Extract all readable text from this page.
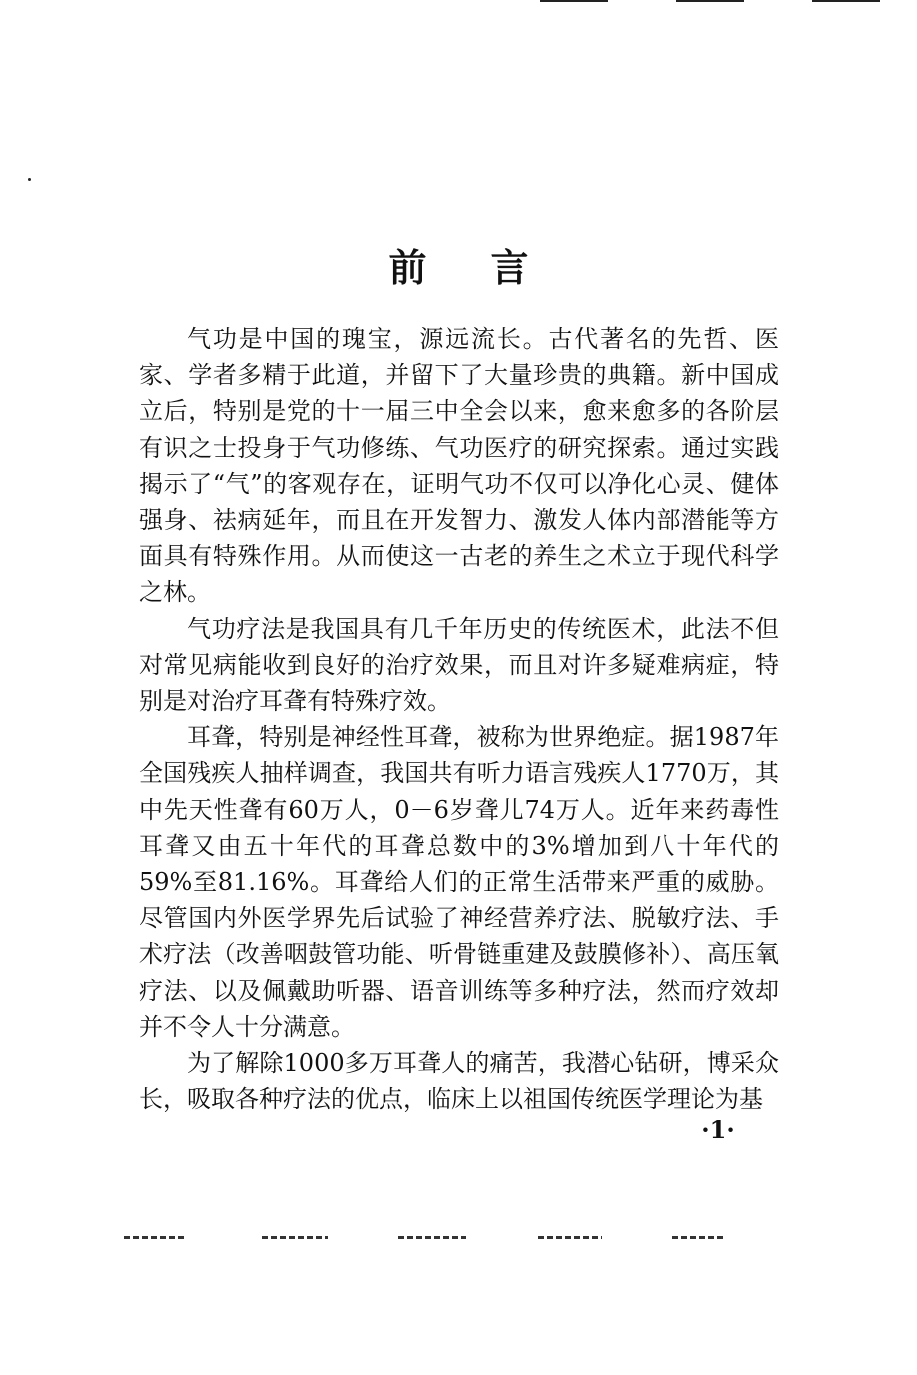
前言

气功是中国的瑰宝，源远流长。古代著名的先哲、医家、学者多精于此道，并留下了大量珍贵的典籍。新中国成立后，特别是党的十一届三中全会以来，愈来愈多的各阶层有识之士投身于气功修练、气功医疗的研究探索。通过实践揭示了“气”的客观存在，证明气功不仅可以净化心灵、健体强身、祛病延年，而且在开发智力、激发人体内部潜能等方面具有特殊作用。从而使这一古老的养生之术立于现代科学之林。

气功疗法是我国具有几千年历史的传统医术，此法不但对常见病能收到良好的治疗效果，而且对许多疑难病症，特别是对治疗耳聋有特殊疗效。

耳聋，特别是神经性耳聋，被称为世界绝症。据1987年全国残疾人抽样调查，我国共有听力语言残疾人1770万，其中先天性聋有60万人，0－6岁聋儿74万人。近年来药毒性耳聋又由五十年代的耳聋总数中的3%增加到八十年代的59%至81.16%。耳聋给人们的正常生活带来严重的威胁。尽管国内外医学界先后试验了神经营养疗法、脱敏疗法、手术疗法（改善咽鼓管功能、听骨链重建及鼓膜修补）、高压氧疗法、以及佩戴助听器、语音训练等多种疗法，然而疗效却并不令人十分满意。

为了解除1000多万耳聋人的痛苦，我潜心钻研，博采众长，吸取各种疗法的优点，临床上以祖国传统医学理论为基

·1·
